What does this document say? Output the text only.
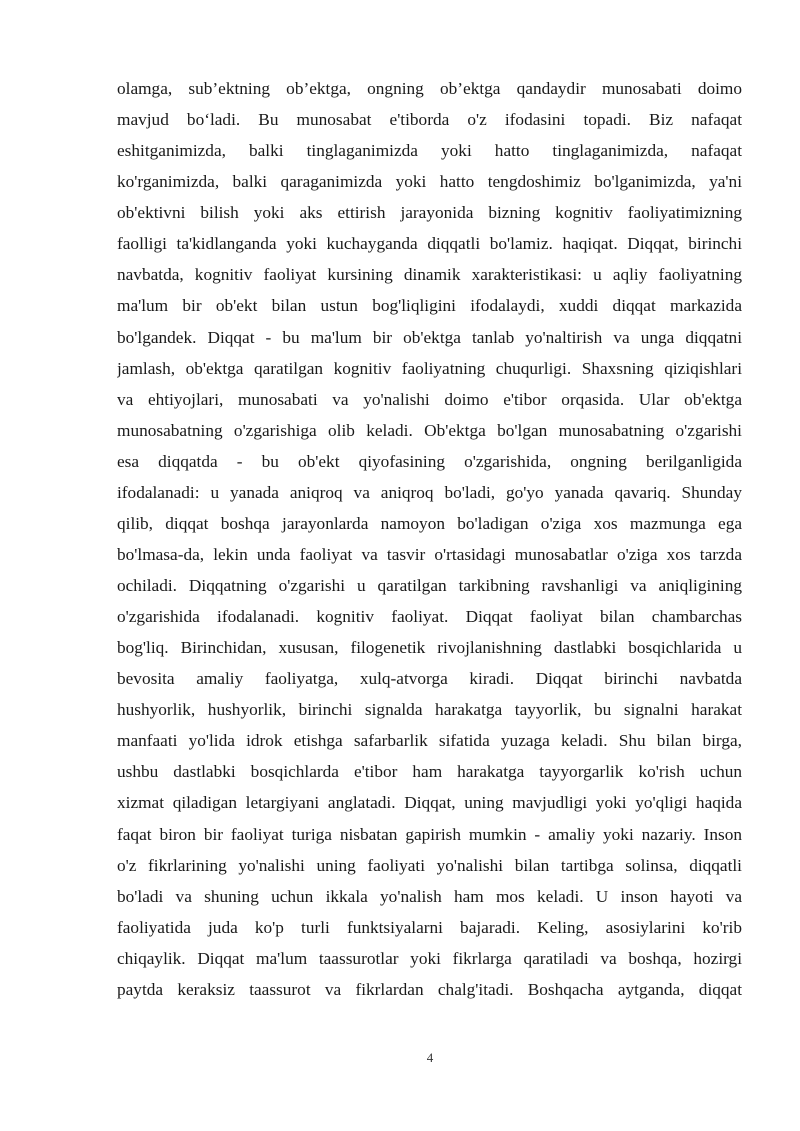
olamga, sub’ektning ob’ektga, ongning ob’ektga qandaydir munosabati doimo
mavjud bo‘ladi. Bu munosabat e'tiborda o'z ifodasini topadi. Biz nafaqat
eshitganimizda, balki tinglaganimizda yoki hatto tinglaganimizda, nafaqat
ko'rganimizda, balki qaraganimizda yoki hatto tengdoshimiz bo'lganimizda, ya'ni
ob'ektivni bilish yoki aks ettirish jarayonida bizning kognitiv faoliyatimizning
faolligi ta'kidlanganda yoki kuchayganda diqqatli bo'lamiz. haqiqat. Diqqat, birinchi
navbatda, kognitiv faoliyat kursining dinamik xarakteristikasi: u aqliy faoliyatning
ma'lum bir ob'ekt bilan ustun bog'liqligini ifodalaydi, xuddi diqqat markazida
bo'lgandek. Diqqat - bu ma'lum bir ob'ektga tanlab yo'naltirish va unga diqqatni
jamlash, ob'ektga qaratilgan kognitiv faoliyatning chuqurligi. Shaxsning qiziqishlari
va ehtiyojlari, munosabati va yo'nalishi doimo e'tibor orqasida. Ular ob'ektga
munosabatning o'zgarishiga olib keladi. Ob'ektga bo'lgan munosabatning o'zgarishi
esa diqqatda - bu ob'ekt qiyofasining o'zgarishida, ongning berilganligida
ifodalanadi: u yanada aniqroq va aniqroq bo'ladi, go'yo yanada qavariq. Shunday
qilib, diqqat boshqa jarayonlarda namoyon bo'ladigan o'ziga xos mazmunga ega
bo'lmasa-da, lekin unda faoliyat va tasvir o'rtasidagi munosabatlar o'ziga xos tarzda
ochiladi. Diqqatning o'zgarishi u qaratilgan tarkibning ravshanligi va aniqligining
o'zgarishida ifodalanadi. kognitiv faoliyat. Diqqat faoliyat bilan chambarchas
bog'liq. Birinchidan, xususan, filogenetik rivojlanishning dastlabki bosqichlarida u
bevosita amaliy faoliyatga, xulq-atvorga kiradi. Diqqat birinchi navbatda
hushyorlik, hushyorlik, birinchi signalda harakatga tayyorlik, bu signalni harakat
manfaati yo'lida idrok etishga safarbarlik sifatida yuzaga keladi. Shu bilan birga,
ushbu dastlabki bosqichlarda e'tibor ham harakatga tayyorgarlik ko'rish uchun
xizmat qiladigan letargiyani anglatadi. Diqqat, uning mavjudligi yoki yo'qligi haqida
faqat biron bir faoliyat turiga nisbatan gapirish mumkin - amaliy yoki nazariy. Inson
o'z fikrlarining yo'nalishi uning faoliyati yo'nalishi bilan tartibga solinsa, diqqatli
bo'ladi va shuning uchun ikkala yo'nalish ham mos keladi. U inson hayoti va
faoliyatida juda ko'p turli funktsiyalarni bajaradi. Keling, asosiylarini ko'rib
chiqaylik. Diqqat ma'lum taassurotlar yoki fikrlarga qaratiladi va boshqa, hozirgi
paytda keraksiz taassurot va fikrlardan chalg'itadi. Boshqacha aytganda, diqqat
4
